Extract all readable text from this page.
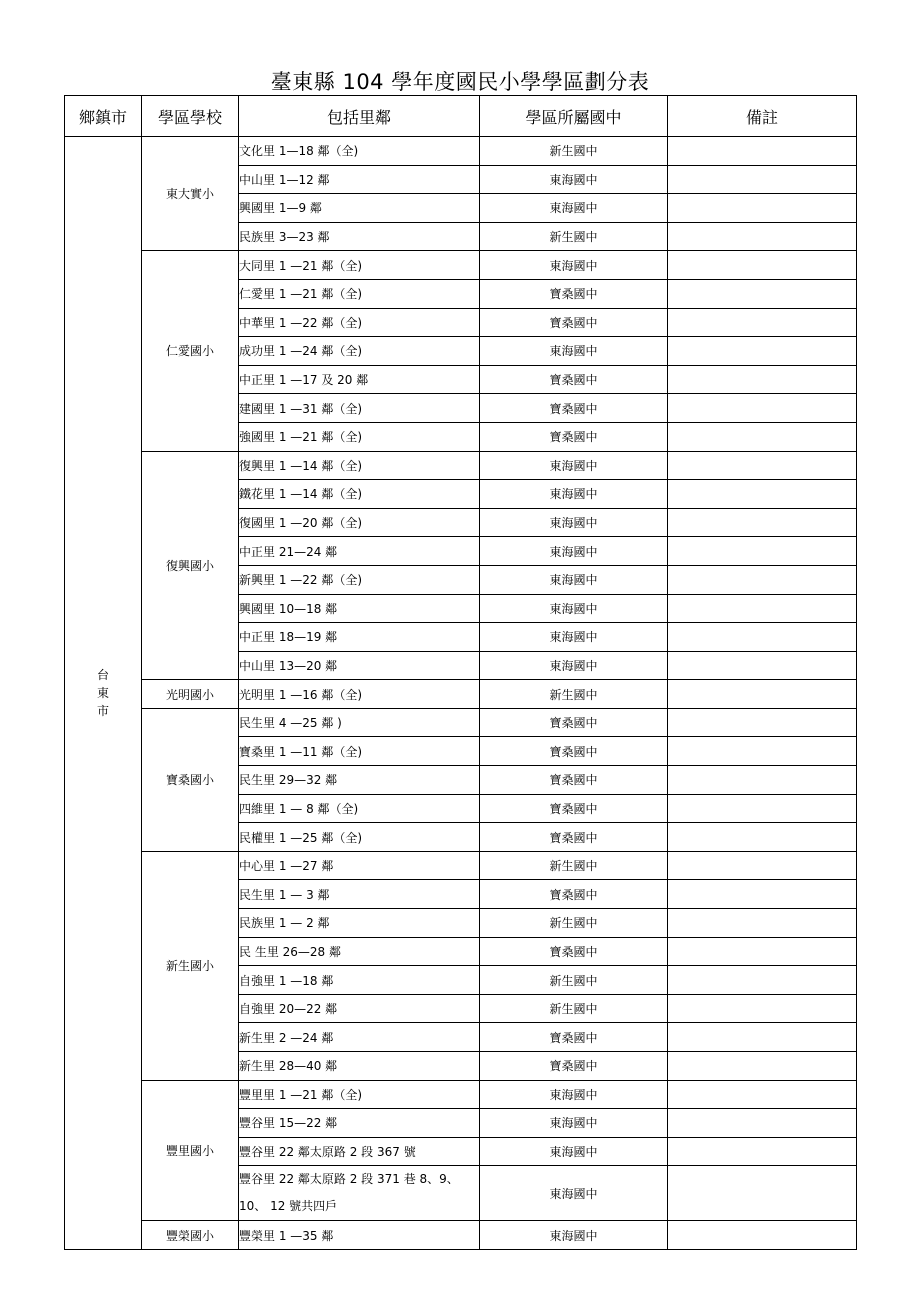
臺東縣 104 學年度國民小學學區劃分表
鄉鎮市	學區學校	包括里鄰	學區所屬國中	備註

台
東
市	東大實小	文化里 1—18 鄰（全)	新生國中	
		中山里 1—12 鄰	東海國中	
		興國里 1—9 鄰	東海國中	
		民族里 3—23 鄰	新生國中	
	仁愛國小	大同里 1 —21 鄰（全)	東海國中	
		仁愛里 1 —21 鄰（全)	寶桑國中	
		中華里 1 —22 鄰（全)	寶桑國中	
		成功里 1 —24 鄰（全)	東海國中	
		中正里 1 —17 及 20 鄰	寶桑國中	
		建國里 1 —31 鄰（全)	寶桑國中	
		強國里 1 —21 鄰（全)	寶桑國中	
	復興國小	復興里 1 —14 鄰（全)	東海國中	
		鐵花里 1 —14 鄰（全)	東海國中	
		復國里 1 —20 鄰（全)	東海國中	
		中正里 21—24 鄰	東海國中	
		新興里 1 —22 鄰（全)	東海國中	
		興國里 10—18 鄰	東海國中	
		中正里 18—19 鄰	東海國中	
		中山里 13—20 鄰	東海國中	
	光明國小	光明里 1 —16 鄰（全)	新生國中	
	寶桑國小	民生里 4 —25 鄰 )	寶桑國中	
		寶桑里 1 —11 鄰（全)	寶桑國中	
		民生里 29—32 鄰	寶桑國中	
		四維里 1 — 8 鄰（全)	寶桑國中	
		民權里 1 —25 鄰（全)	寶桑國中	
	新生國小	中心里 1 —27 鄰	新生國中	
		民生里 1 — 3 鄰	寶桑國中	
		民族里 1 — 2 鄰	新生國中	
		民 生里 26—28 鄰	寶桑國中	
		自強里 1 —18 鄰	新生國中	
		自強里 20—22 鄰	新生國中	
		新生里 2 —24 鄰	寶桑國中	
		新生里 28—40 鄰	寶桑國中	
	豐里國小	豐里里 1 —21 鄰（全)	東海國中	
		豐谷里 15—22 鄰	東海國中	
		豐谷里 22 鄰太原路 2 段 367 號	東海國中	
		豐谷里 22 鄰太原路 2 段 371 巷 8、9、10、 12 號共四戶	東海國中	
	豐榮國小	豐榮里 1 —35 鄰	東海國中	
